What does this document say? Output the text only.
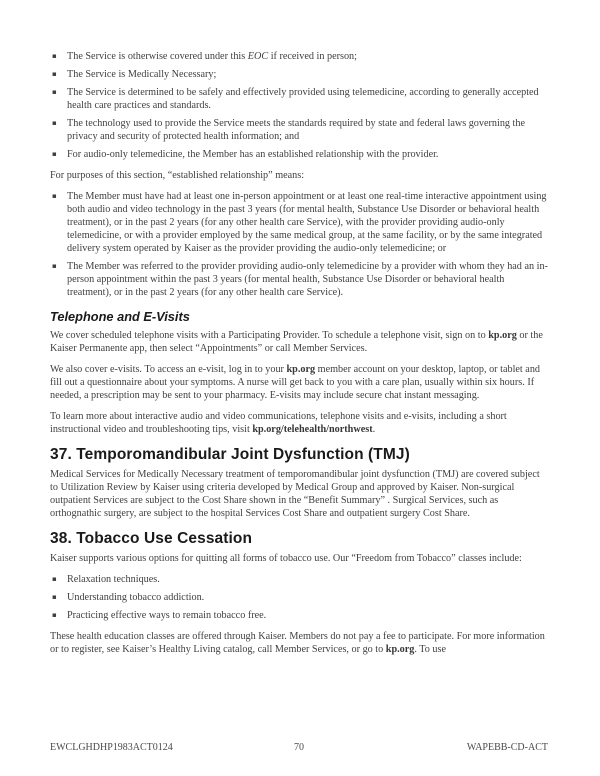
▪ The Service is otherwise covered under this EOC if received in person;
▪ The Service is Medically Necessary;
▪ The Service is determined to be safely and effectively provided using telemedicine, according to generally accepted health care practices and standards.
▪ The technology used to provide the Service meets the standards required by state and federal laws governing the privacy and security of protected health information; and
▪ For audio-only telemedicine, the Member has an established relationship with the provider.

For purposes of this section, “established relationship” means:

▪ The Member must have had at least one in-person appointment or at least one real-time interactive appointment using both audio and video technology in the past 3 years (for mental health, Substance Use Disorder or behavioral health treatment), or in the past 2 years (for any other health care Service), with the provider providing audio-only telemedicine, or with a provider employed by the same medical group, at the same facility, or by the same integrated delivery system operated by Kaiser as the provider providing the audio-only telemedicine; or
▪ The Member was referred to the provider providing audio-only telemedicine by a provider with whom they had an in-person appointment within the past 3 years (for mental health, Substance Use Disorder or behavioral health treatment), or in the past 2 years (for any other health care Service).
Telephone and E-Visits

We cover scheduled telephone visits with a Participating Provider. To schedule a telephone visit, sign on to kp.org or the Kaiser Permanente app, then select “Appointments” or call Member Services.

We also cover e-visits. To access an e-visit, log in to your kp.org member account on your desktop, laptop, or tablet and fill out a questionnaire about your symptoms. A nurse will get back to you with a care plan, usually within six hours. If needed, a prescription may be sent to your pharmacy. E-visits may include secure chat instant messaging.

To learn more about interactive audio and video communications, telephone visits and e-visits, including a short instructional video and troubleshooting tips, visit kp.org/telehealth/northwest.

37. Temporomandibular Joint Dysfunction (TMJ)

Medical Services for Medically Necessary treatment of temporomandibular joint dysfunction (TMJ) are covered subject to Utilization Review by Kaiser using criteria developed by Medical Group and approved by Kaiser. Non-surgical outpatient Services are subject to the Cost Share shown in the “Benefit Summary” . Surgical Services, such as orthognathic surgery, are subject to the hospital Services Cost Share and outpatient surgery Cost Share.

38. Tobacco Use Cessation

Kaiser supports various options for quitting all forms of tobacco use. Our “Freedom from Tobacco” classes include:

▪ Relaxation techniques.
▪ Understanding tobacco addiction.
▪ Practicing effective ways to remain tobacco free.

These health education classes are offered through Kaiser. Members do not pay a fee to participate. For more information or to register, see Kaiser’s Healthy Living catalog, call Member Services, or go to kp.org. To use

EWCLGHDHP1983ACT0124	70	WAPEBB-CD-ACT
